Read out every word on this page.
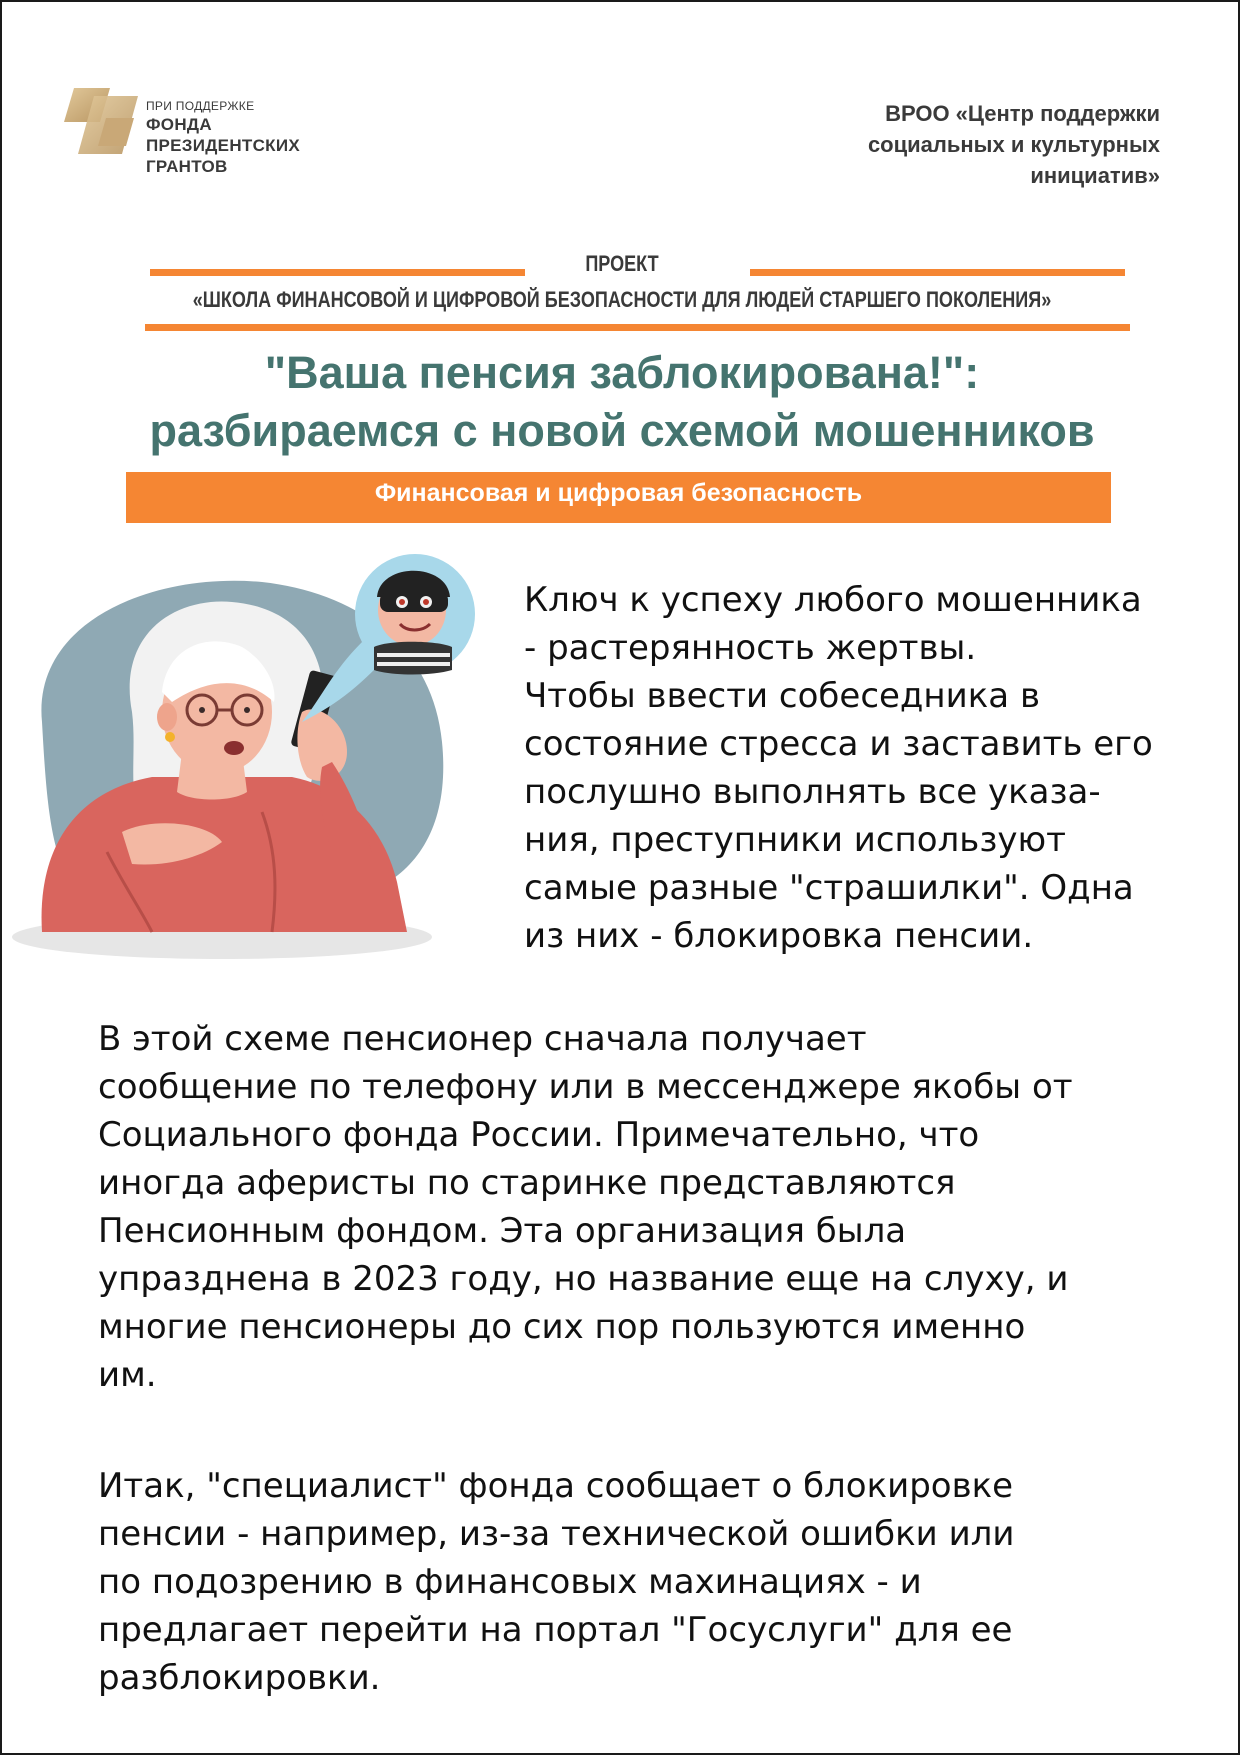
ПРИ ПОДДЕРЖКЕ
ФОНДА
ПРЕЗИДЕНТСКИХ
ГРАНТОВ
ВРОО «Центр поддержки
социальных и культурных
инициатив»
ПРОЕКТ
«ШКОЛА ФИНАНСОВОЙ И ЦИФРОВОЙ БЕЗОПАСНОСТИ ДЛЯ ЛЮДЕЙ СТАРШЕГО ПОКОЛЕНИЯ»
"Ваша пенсия заблокирована!":
разбираемся с новой схемой мошенников
Финансовая и цифровая безопасность
Ключ к успеху любого мошенника
- растерянность жертвы.
Чтобы ввести собеседника в
состояние стресса и заставить его
послушно выполнять все указа-
ния, преступники используют
самые разные "страшилки". Одна
из них - блокировка пенсии.
В этой схеме пенсионер сначала получает
сообщение по телефону или в мессенджере якобы от
Социального фонда России. Примечательно, что
иногда аферисты по старинке представляются
Пенсионным фондом. Эта организация была
упразднена в 2023 году, но название еще на слуху, и
многие пенсионеры до сих пор пользуются именно
им.
Итак, "специалист" фонда сообщает о блокировке
пенсии - например, из-за технической ошибки или
по подозрению в финансовых махинациях - и
предлагает перейти на портал "Госуслуги" для ее
разблокировки.
